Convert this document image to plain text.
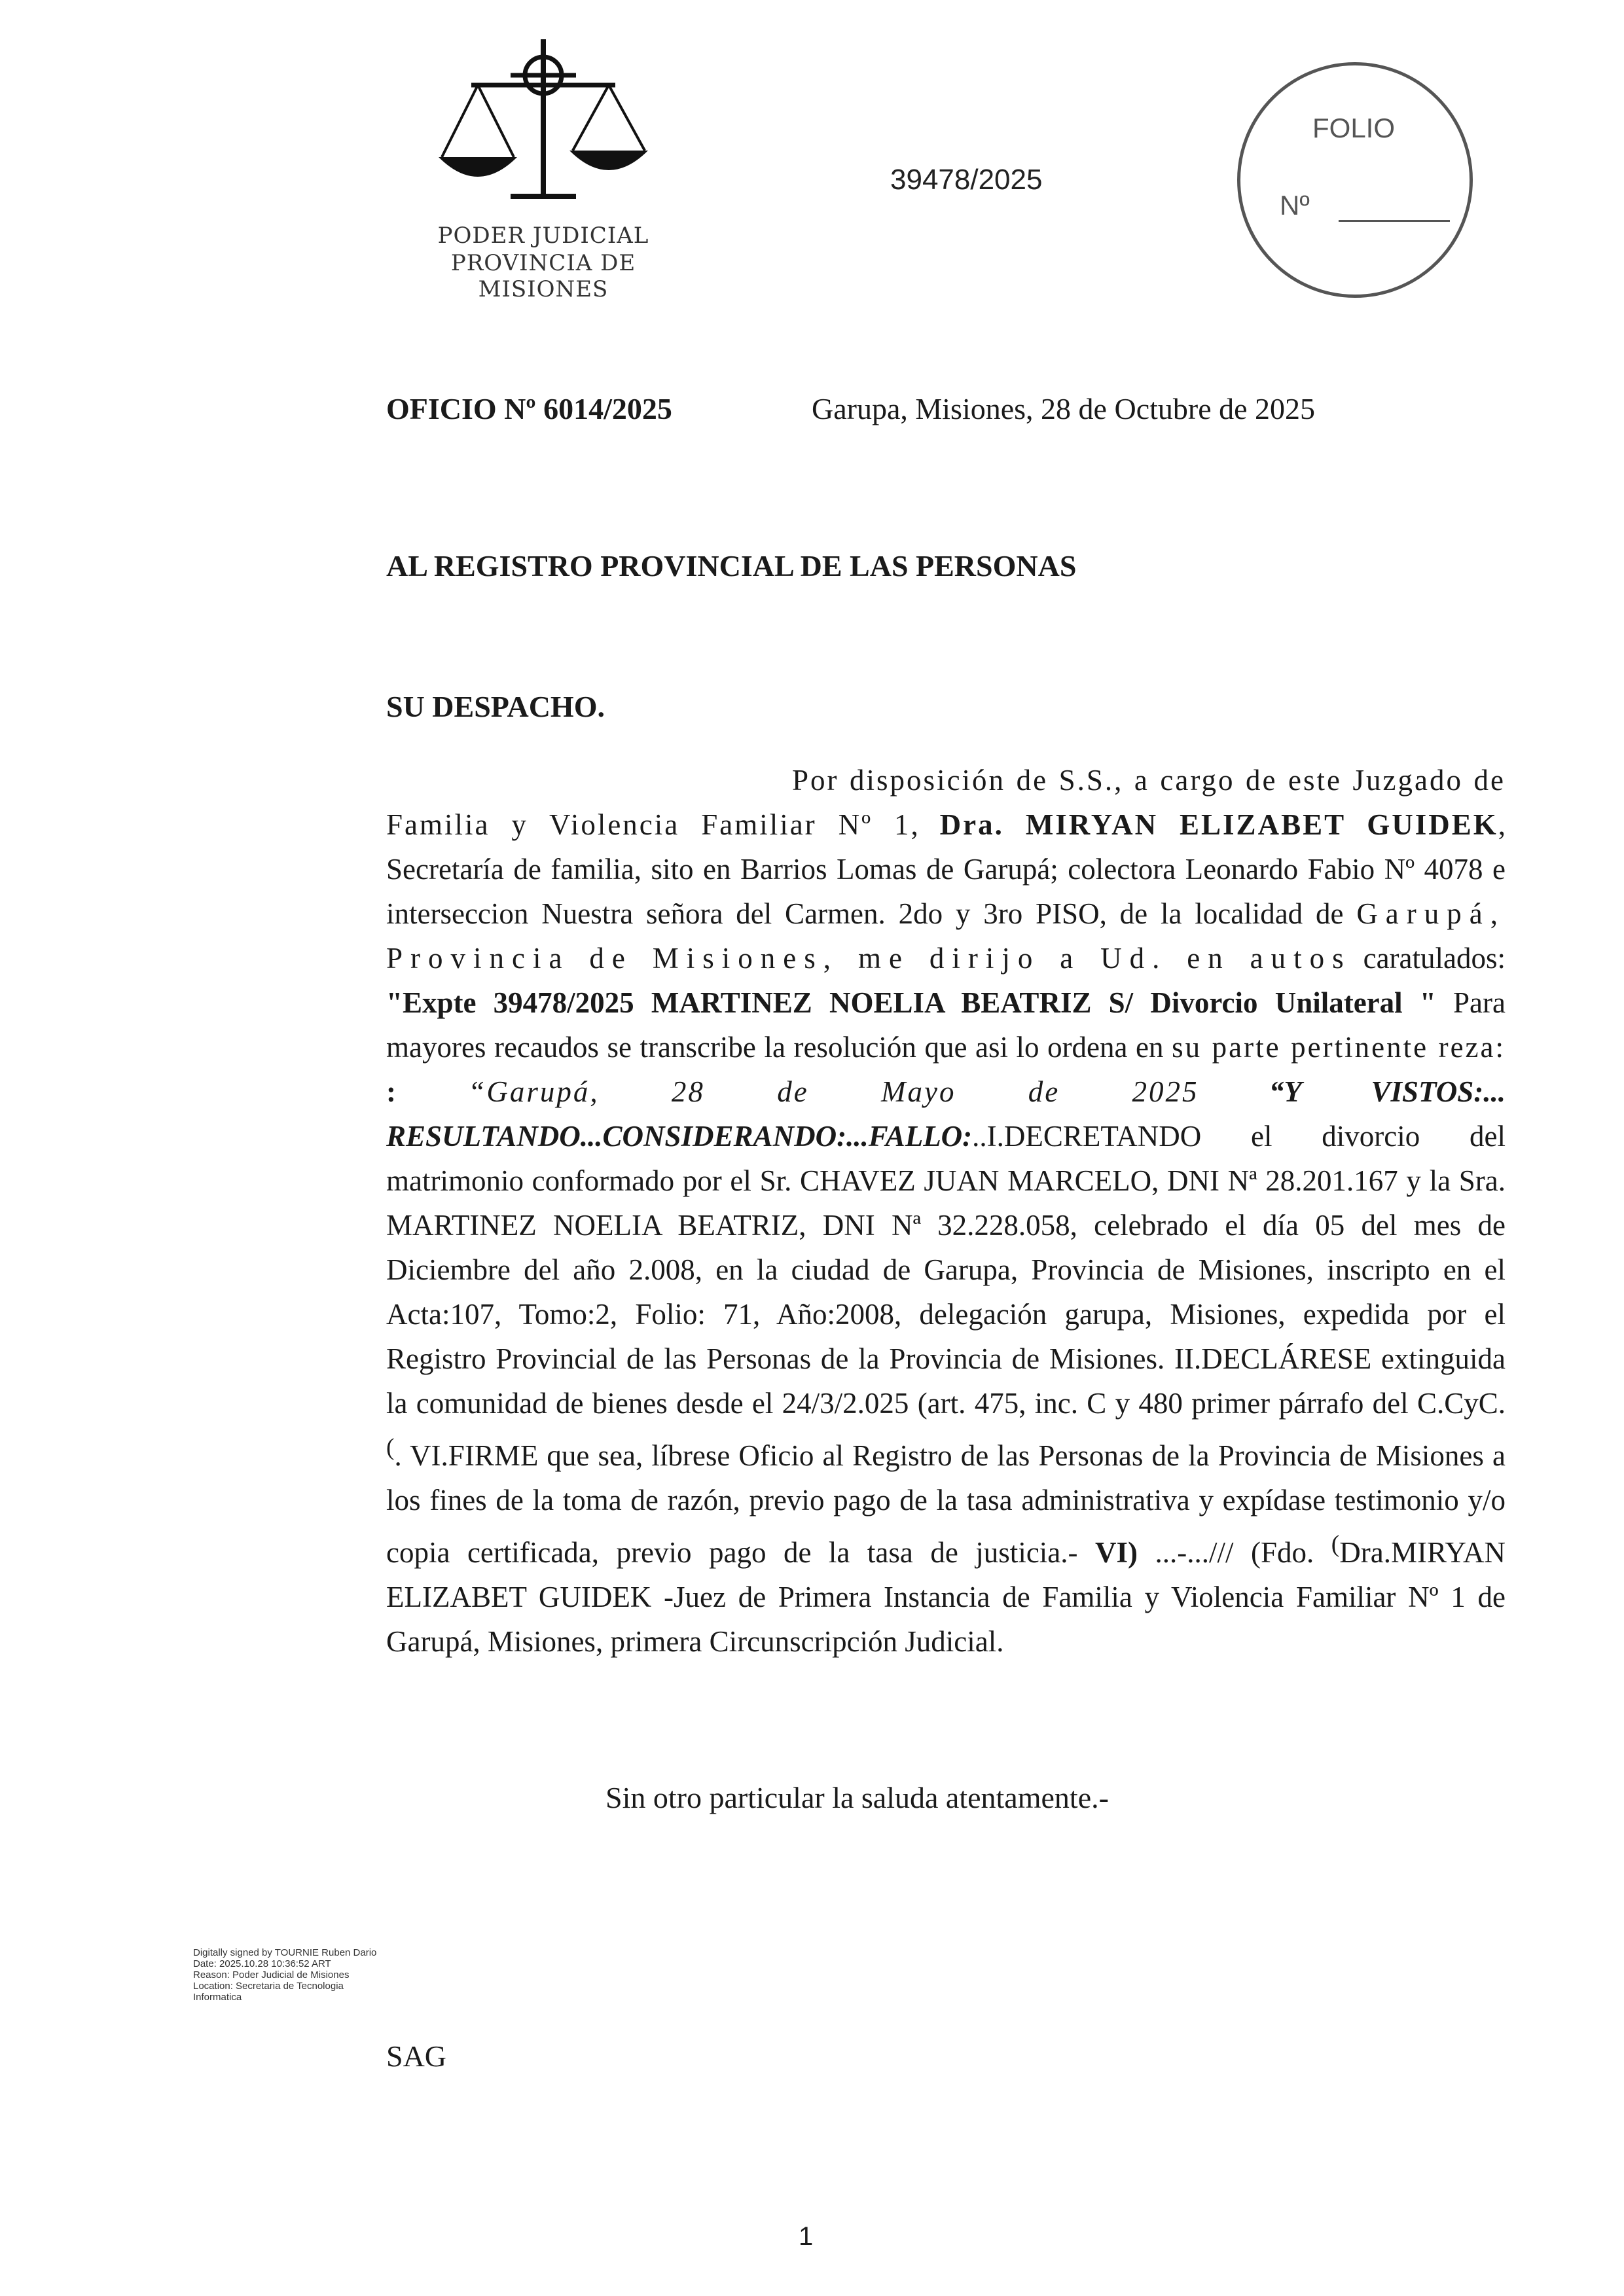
PODER JUDICIAL
PROVINCIA DE MISIONES
39478/2025
FOLIO
Nº
OFICIO Nº 6014/2025	Garupa, Misiones, 28 de Octubre de 2025
AL REGISTRO PROVINCIAL DE LAS PERSONAS
SU DESPACHO.
Por disposición de S.S., a cargo de este Juzgado de Familia y Violencia Familiar Nº 1, Dra. MIRYAN ELIZABET GUIDEK, Secretaría de familia, sito en Barrios Lomas de Garupá; colectora Leonardo Fabio Nº 4078 e interseccion Nuestra señora del Carmen. 2do y 3ro PISO, de la localidad de Garupá, Provincia de Misiones, me dirijo a Ud. en autos caratulados: "Expte 39478/2025 MARTINEZ NOELIA BEATRIZ S/ Divorcio Unilateral " Para mayores recaudos se transcribe la resolución que asi lo ordena en su parte pertinente reza: : “Garupá, 28 de Mayo de 2025 “Y VISTOS:... RESULTANDO...CONSIDERANDO:...FALLO:..I.DECRETANDO el divorcio del matrimonio conformado por el Sr. CHAVEZ JUAN MARCELO, DNI Nª 28.201.167 y la Sra. MARTINEZ NOELIA BEATRIZ, DNI Nª 32.228.058, celebrado el día 05 del mes de Diciembre del año 2.008, en la ciudad de Garupa, Provincia de Misiones, inscripto en el Acta:107, Tomo:2, Folio: 71, Año:2008, delegación garupa, Misiones, expedida por el Registro Provincial de las Personas de la Provincia de Misiones. II.DECLÁRESE extinguida la comunidad de bienes desde el 24/3/2.025 (art. 475, inc. C y 480 primer párrafo del C.CyC. (. VI.FIRME que sea, líbrese Oficio al Registro de las Personas de la Provincia de Misiones a los fines de la toma de razón, previo pago de la tasa administrativa y expídase testimonio y/o copia certificada, previo pago de la tasa de justicia.- VI) ...-.../// (Fdo. (Dra.MIRYAN ELIZABET GUIDEK -Juez de Primera Instancia de Familia y Violencia Familiar Nº 1 de Garupá, Misiones, primera Circunscripción Judicial.
Sin otro particular la saluda atentamente.-
Digitally signed by TOURNIE Ruben Dario
Date: 2025.10.28 10:36:52 ART
Reason: Poder Judicial de Misiones
Location: Secretaria de Tecnologia
Informatica
SAG
1
